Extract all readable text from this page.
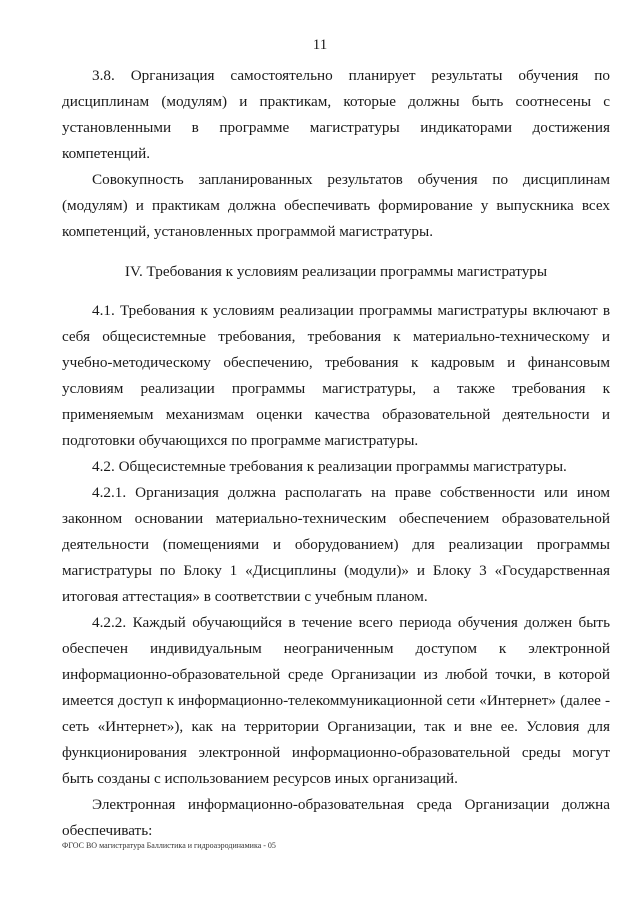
11

3.8. Организация самостоятельно планирует результаты обучения по дисциплинам (модулям) и практикам, которые должны быть соотнесены с установленными в программе магистратуры индикаторами достижения компетенций.

Совокупность запланированных результатов обучения по дисциплинам (модулям) и практикам должна обеспечивать формирование у выпускника всех компетенций, установленных программой магистратуры.

IV. Требования к условиям реализации программы магистратуры

4.1. Требования к условиям реализации программы магистратуры включают в себя общесистемные требования, требования к материально-техническому и учебно-методическому обеспечению, требования к кадровым и финансовым условиям реализации программы магистратуры, а также требования к применяемым механизмам оценки качества образовательной деятельности и подготовки обучающихся по программе магистратуры.

4.2. Общесистемные требования к реализации программы магистратуры.

4.2.1. Организация должна располагать на праве собственности или ином законном основании материально-техническим обеспечением образовательной деятельности (помещениями и оборудованием) для реализации программы магистратуры по Блоку 1 «Дисциплины (модули)» и Блоку 3 «Государственная итоговая аттестация» в соответствии с учебным планом.

4.2.2. Каждый обучающийся в течение всего периода обучения должен быть обеспечен индивидуальным неограниченным доступом к электронной информационно-образовательной среде Организации из любой точки, в которой имеется доступ к информационно-телекоммуникационной сети «Интернет» (далее - сеть «Интернет»), как на территории Организации, так и вне ее. Условия для функционирования электронной информационно-образовательной среды могут быть созданы с использованием ресурсов иных организаций.

Электронная информационно-образовательная среда Организации должна обеспечивать:

ФГОС ВО магистратура Баллистика и гидроаэродинамика - 05
